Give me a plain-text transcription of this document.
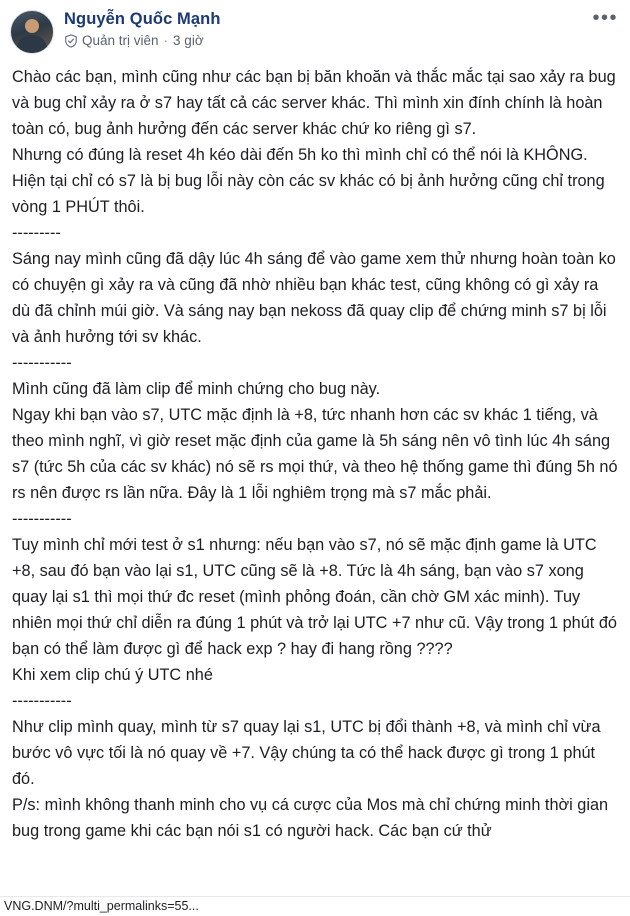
Nguyễn Quốc Mạnh
Quản trị viên · 3 giờ
•••

Chào các bạn, mình cũng như các bạn bị băn khoăn và thắc mắc tại sao xảy ra bug và bug chỉ xảy ra ở s7 hay tất cả các server khác. Thì mình xin đính chính là hoàn toàn có, bug ảnh hưởng đến các server khác chứ ko riêng gì s7.

Nhưng có đúng là reset 4h kéo dài đến 5h ko thì mình chỉ có thể nói là KHÔNG.

Hiện tại chỉ có s7 là bị bug lỗi này còn các sv khác có bị ảnh hưởng cũng chỉ trong vòng 1 PHÚT thôi.

---------

Sáng nay mình cũng đã dậy lúc 4h sáng để vào game xem thử nhưng hoàn toàn ko có chuyện gì xảy ra và cũng đã nhờ nhiều bạn khác test, cũng không có gì xảy ra dù đã chỉnh múi giờ. Và sáng nay bạn nekoss đã quay clip để chứng minh s7 bị lỗi và ảnh hưởng tới sv khác.

-----------

Mình cũng đã làm clip để minh chứng cho bug này.

Ngay khi bạn vào s7, UTC mặc định là +8, tức nhanh hơn các sv khác 1 tiếng, và theo mình nghĩ, vì giờ reset mặc định của game là 5h sáng nên vô tình lúc 4h sáng s7 (tức 5h của các sv khác) nó sẽ rs mọi thứ, và theo hệ thống game thì đúng 5h nó rs nên được rs lần nữa. Đây là 1 lỗi nghiêm trọng mà s7 mắc phải.

-----------

Tuy mình chỉ mới test ở s1 nhưng: nếu bạn vào s7, nó sẽ mặc định game là UTC +8, sau đó bạn vào lại s1, UTC cũng sẽ là +8. Tức là 4h sáng, bạn vào s7 xong quay lại s1 thì mọi thứ đc reset (mình phỏng đoán, cần chờ GM xác minh). Tuy nhiên mọi thứ chỉ diễn ra đúng 1 phút và trở lại UTC +7 như cũ. Vậy trong 1 phút đó bạn có thể làm được gì để hack exp ? hay đi hang rồng ????

Khi xem clip chú ý UTC nhé

-----------

Như clip mình quay, mình từ s7 quay lại s1, UTC bị đổi thành +8, và mình chỉ vừa bước vô vực tối là nó quay về +7. Vậy chúng ta có thể hack được gì trong 1 phút đó.

P/s: mình không thanh minh cho vụ cá cược của Mos mà chỉ chứng minh thời gian bug trong game khi các bạn nói s1 có người hack. Các bạn cứ thử

VNG.DNM/?multi_permalinks=55...
